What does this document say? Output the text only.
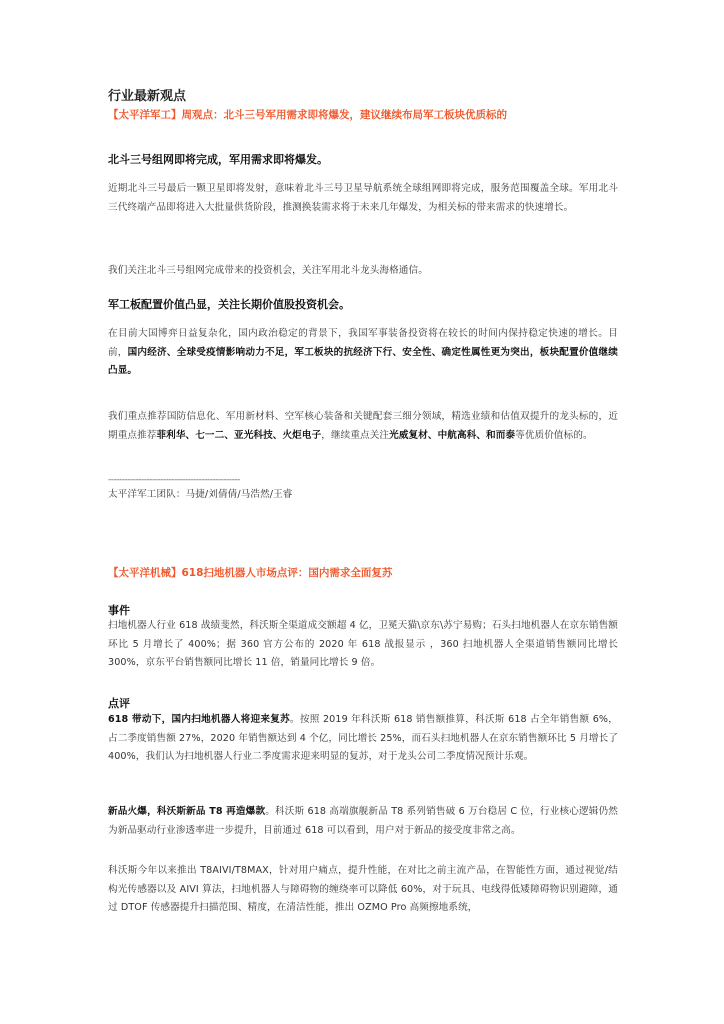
行业最新观点
【太平洋军工】周观点：北斗三号军用需求即将爆发，建议继续布局军工板块优质标的
北斗三号组网即将完成，军用需求即将爆发。
近期北斗三号最后一颗卫星即将发射，意味着北斗三号卫星导航系统全球组网即将完成，服务范围覆盖全球。军用北斗三代终端产品即将进入大批量供货阶段，推测换装需求将于未来几年爆发，为相关标的带来需求的快速增长。
我们关注北斗三号组网完成带来的投资机会，关注军用北斗龙头海格通信。
军工板配置价值凸显，关注长期价值股投资机会。
在目前大国博弈日益复杂化，国内政治稳定的背景下，我国军事装备投资将在较长的时间内保持稳定快速的增长。目前，国内经济、全球受疫情影响动力不足，军工板块的抗经济下行、安全性、确定性属性更为突出，板块配置价值继续凸显。
我们重点推荐国防信息化、军用新材料、空军核心装备和关键配套三细分领域，精选业绩和估值双提升的龙头标的，近期重点推荐菲利华、七一二、亚光科技、火炬电子，继续重点关注光威复材、中航高科、和而泰等优质价值标的。
------------------------------------------------
太平洋军工团队：马捷/刘倩倩/马浩然/王睿
【太平洋机械】618扫地机器人市场点评：国内需求全面复苏
事件
扫地机器人行业 618 战绩斐然，科沃斯全渠道成交额超 4 亿，卫冕天猫\京东\苏宁易购；石头扫地机器人在京东销售额环比 5 月增长了 400%；据 360 官方公布的 2020 年 618 战报显示 ，360 扫地机器人全渠道销售额同比增长 300%，京东平台销售额同比增长 11 倍，销量同比增长 9 倍。
点评
618 带动下，国内扫地机器人将迎来复苏。按照 2019 年科沃斯 618 销售额推算，科沃斯 618 占全年销售额 6%，占二季度销售额 27%，2020 年销售额达到 4 个亿，同比增长 25%，而石头扫地机器人在京东销售额环比 5 月增长了 400%，我们认为扫地机器人行业二季度需求迎来明显的复苏，对于龙头公司二季度情况预计乐观。
新品火爆，科沃斯新品 T8 再造爆款。科沃斯 618 高端旗舰新品 T8 系列销售破 6 万台稳居 C 位，行业核心逻辑仍然为新品驱动行业渗透率进一步提升，目前通过 618 可以看到，用户对于新品的接受度非常之高。
科沃斯今年以来推出 T8AIVI/T8MAX，针对用户痛点，提升性能，在对比之前主流产品，在智能性方面，通过视觉/结构光传感器以及 AIVI 算法，扫地机器人与障碍物的缠绕率可以降低 60%，对于玩具、电线得低矮障碍物识别避障，通过 DTOF 传感器提升扫描范围、精度，在清洁性能，推出 OZMO Pro 高频擦地系统，
